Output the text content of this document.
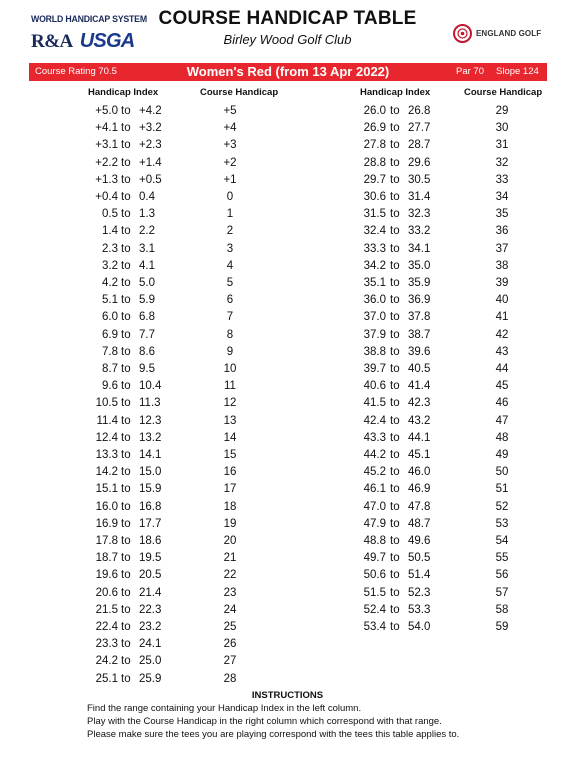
WORLD HANDICAP SYSTEM
R&A USGA
COURSE HANDICAP TABLE
Birley Wood Golf Club	ENGLAND GOLF
Course Rating 70.5	Women's Red (from 13 Apr 2022)	Par 70 Slope 124
Handicap Index	Course Handicap	Handicap Index	Course Handicap
+5.0 to +4.2	+5
+4.1 to +3.2	+4
+3.1 to +2.3	+3
+2.2 to +1.4	+2
+1.3 to +0.5	+1
+0.4 to 0.4	0
0.5 to 1.3	1
1.4 to 2.2	2
2.3 to 3.1	3
3.2 to 4.1	4
4.2 to 5.0	5
5.1 to 5.9	6
6.0 to 6.8	7
6.9 to 7.7	8
7.8 to 8.6	9
8.7 to 9.5	10
9.6 to 10.4	11
10.5 to 11.3	12
11.4 to 12.3	13
12.4 to 13.2	14
13.3 to 14.1	15
14.2 to 15.0	16
15.1 to 15.9	17
16.0 to 16.8	18
16.9 to 17.7	19
17.8 to 18.6	20
18.7 to 19.5	21
19.6 to 20.5	22
20.6 to 21.4	23
21.5 to 22.3	24
22.4 to 23.2	25
23.3 to 24.1	26
24.2 to 25.0	27
25.1 to 25.9	28
26.0 to 26.8	29
26.9 to 27.7	30
27.8 to 28.7	31
28.8 to 29.6	32
29.7 to 30.5	33
30.6 to 31.4	34
31.5 to 32.3	35
32.4 to 33.2	36
33.3 to 34.1	37
34.2 to 35.0	38
35.1 to 35.9	39
36.0 to 36.9	40
37.0 to 37.8	41
37.9 to 38.7	42
38.8 to 39.6	43
39.7 to 40.5	44
40.6 to 41.4	45
41.5 to 42.3	46
42.4 to 43.2	47
43.3 to 44.1	48
44.2 to 45.1	49
45.2 to 46.0	50
46.1 to 46.9	51
47.0 to 47.8	52
47.9 to 48.7	53
48.8 to 49.6	54
49.7 to 50.5	55
50.6 to 51.4	56
51.5 to 52.3	57
52.4 to 53.3	58
53.4 to 54.0	59
INSTRUCTIONS
Find the range containing your Handicap Index in the left column.
Play with the Course Handicap in the right column which correspond with that range.
Please make sure the tees you are playing correspond with the tees this table applies to.
